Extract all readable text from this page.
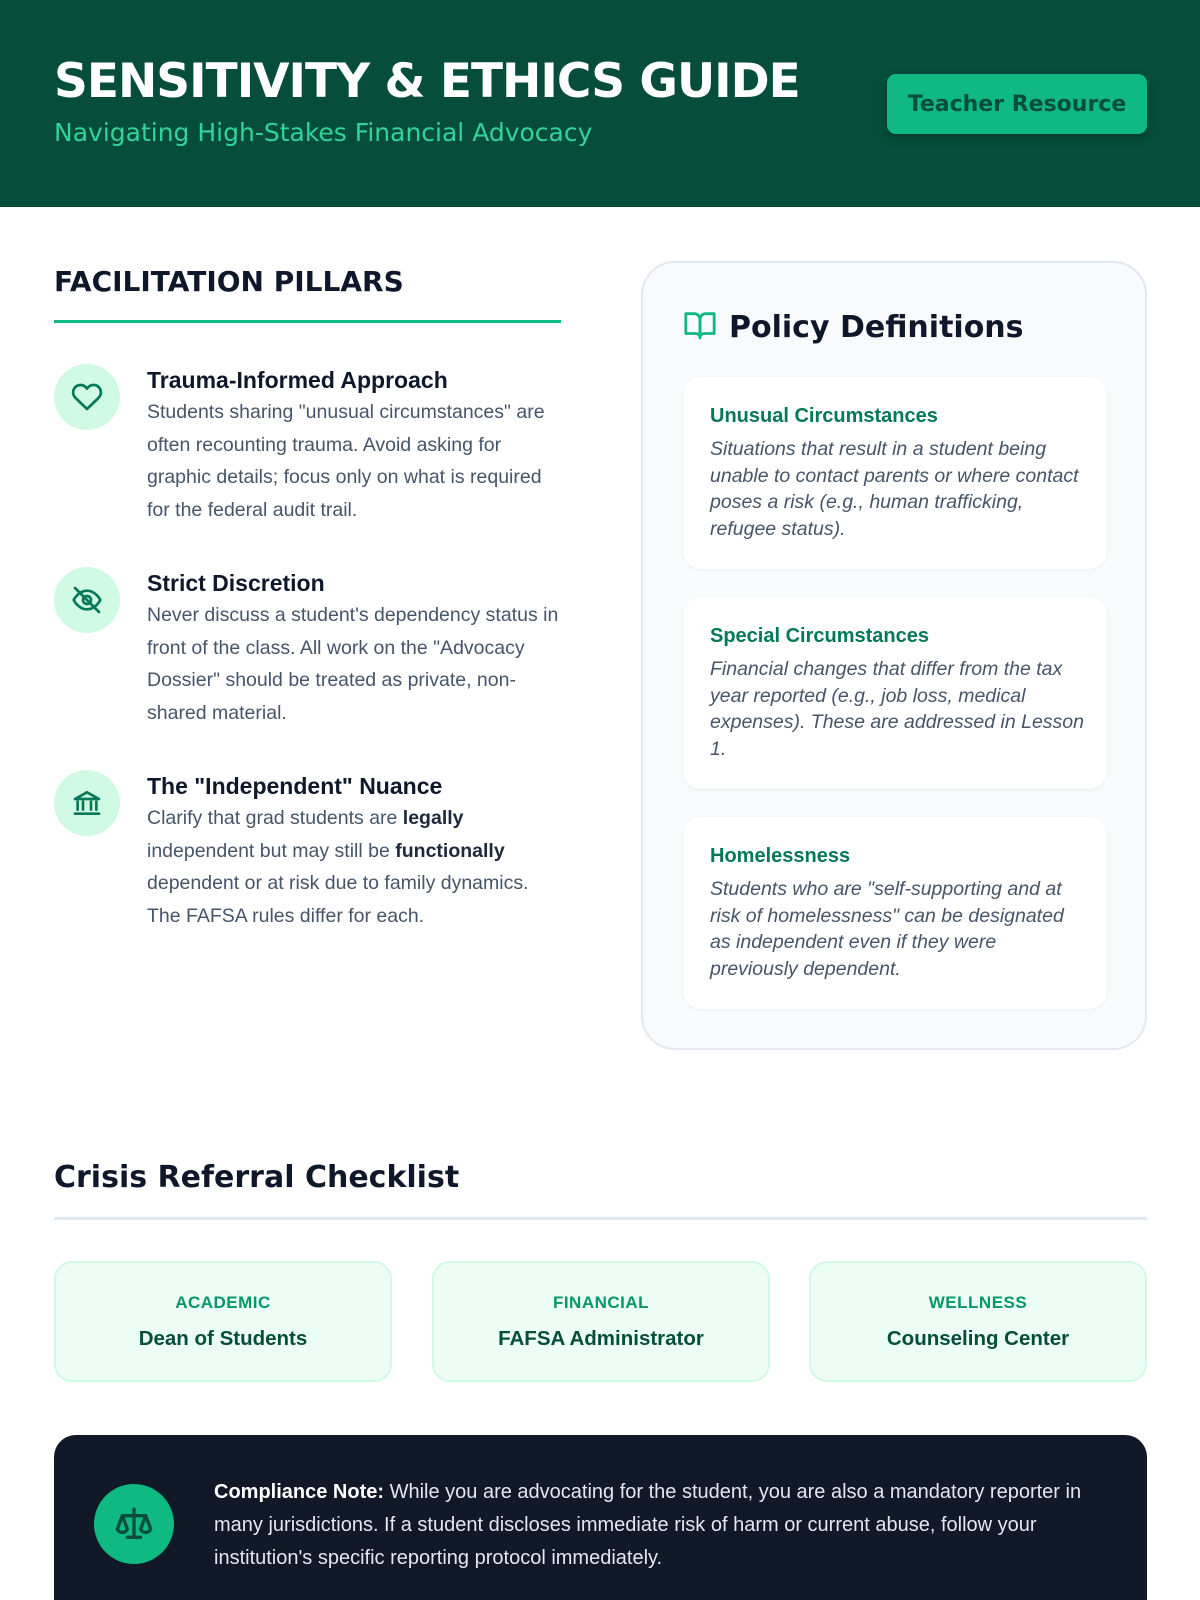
SENSITIVITY & ETHICS GUIDE
Navigating High-Stakes Financial Advocacy
Teacher Resource
FACILITATION PILLARS
Trauma-Informed Approach
Students sharing "unusual circumstances" are often recounting trauma. Avoid asking for graphic details; focus only on what is required for the federal audit trail.
Strict Discretion
Never discuss a student's dependency status in front of the class. All work on the "Advocacy Dossier" should be treated as private, non-shared material.
The "Independent" Nuance
Clarify that grad students are legally independent but may still be functionally dependent or at risk due to family dynamics. The FAFSA rules differ for each.
Policy Definitions
Unusual Circumstances
Situations that result in a student being unable to contact parents or where contact poses a risk (e.g., human trafficking, refugee status).
Special Circumstances
Financial changes that differ from the tax year reported (e.g., job loss, medical expenses). These are addressed in Lesson 1.
Homelessness
Students who are "self-supporting and at risk of homelessness" can be designated as independent even if they were previously dependent.
Crisis Referral Checklist
ACADEMIC
Dean of Students
FINANCIAL
FAFSA Administrator
WELLNESS
Counseling Center
Compliance Note: While you are advocating for the student, you are also a mandatory reporter in many jurisdictions. If a student discloses immediate risk of harm or current abuse, follow your institution's specific reporting protocol immediately.
